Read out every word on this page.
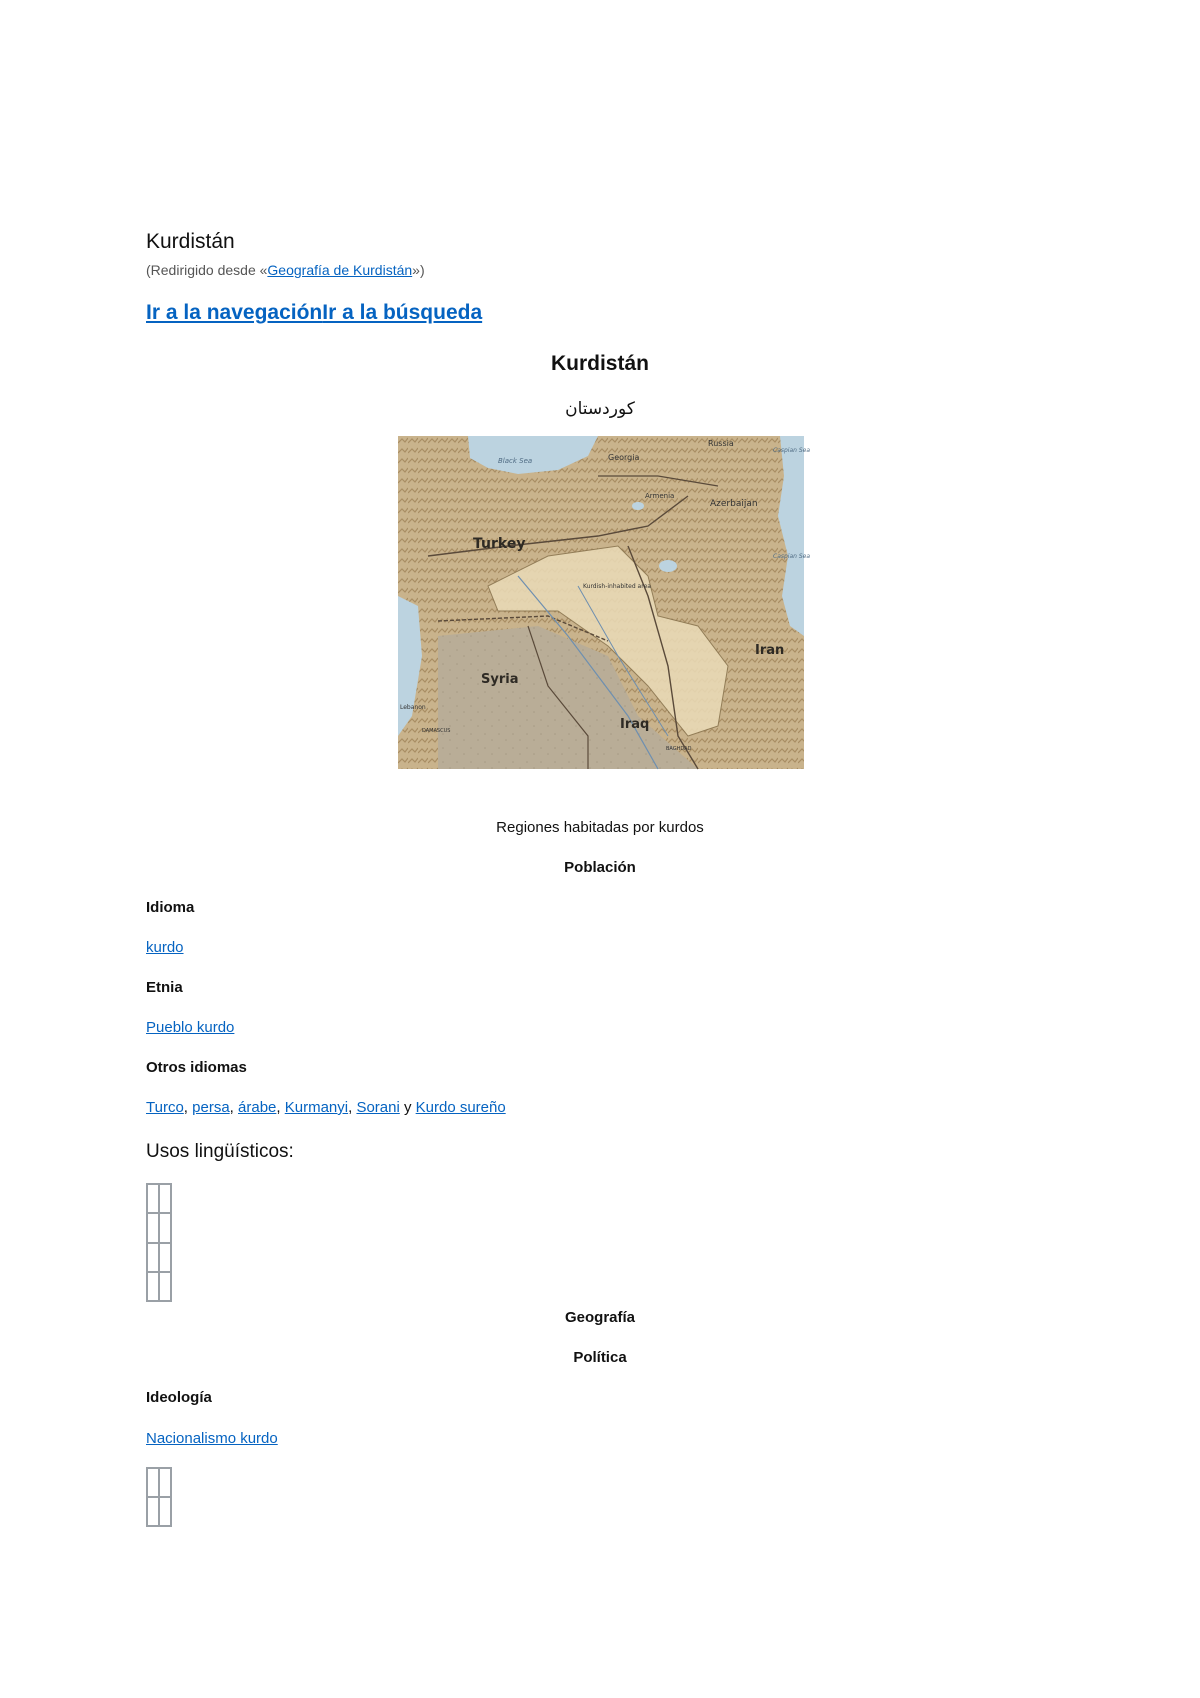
Kurdistán
(Redirigido desde «Geografía de Kurdistán»)
Ir a la navegaciónIr a la búsqueda
Kurdistán
کوردستان
Black Sea
Russia
Georgia
Caspian Sea
Armenia
Azerbaijan
Turkey
Caspian Sea
Kurdish-inhabited area
Iran
Syria
Iraq
Lebanon
DAMASCUS
BAGHDAD
Regiones habitadas por kurdos
Población
Idioma
kurdo
Etnia
Pueblo kurdo
Otros idiomas
Turco, persa, árabe, Kurmanyi, Sorani y Kurdo sureño
Usos lingüísticos:
Geografía
Política
Ideología
Nacionalismo kurdo
